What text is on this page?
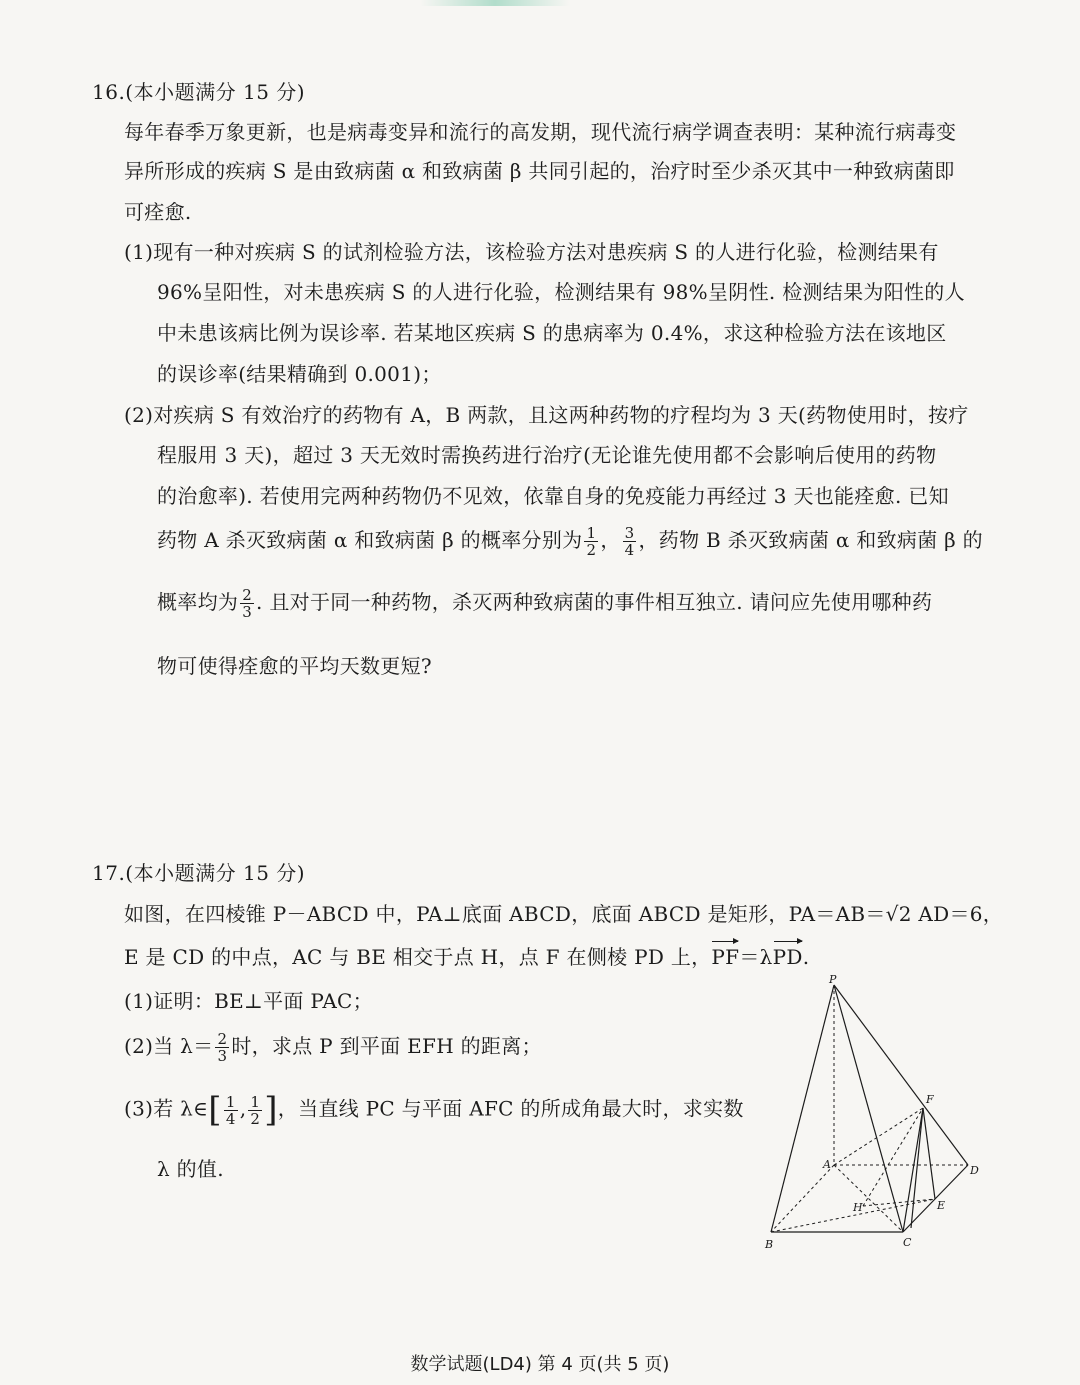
16.(本小题满分 15 分)
每年春季万象更新，也是病毒变异和流行的高发期，现代流行病学调查表明：某种流行病毒变
异所形成的疾病 S 是由致病菌 α 和致病菌 β 共同引起的，治疗时至少杀灭其中一种致病菌即
可痊愈.
(1)现有一种对疾病 S 的试剂检验方法，该检验方法对患疾病 S 的人进行化验，检测结果有
96%呈阳性，对未患疾病 S 的人进行化验，检测结果有 98%呈阴性. 检测结果为阳性的人
中未患该病比例为误诊率. 若某地区疾病 S 的患病率为 0.4%，求这种检验方法在该地区
的误诊率(结果精确到 0.001)；
(2)对疾病 S 有效治疗的药物有 A，B 两款，且这两种药物的疗程均为 3 天(药物使用时，按疗
程服用 3 天)，超过 3 天无效时需换药进行治疗(无论谁先使用都不会影响后使用的药物
的治愈率). 若使用完两种药物仍不见效，依靠自身的免疫能力再经过 3 天也能痊愈. 已知
药物 A 杀灭致病菌 α 和致病菌 β 的概率分别为 $\frac{1}{2}$ ， $\frac{3}{4}$ ，药物 B 杀灭致病菌 α 和致病菌 β 的
概率均为 $\frac{2}{3}$ . 且对于同一种药物，杀灭两种致病菌的事件相互独立. 请问应先使用哪种药
物可使得痊愈的平均天数更短?
17.(本小题满分 15 分)
如图，在四棱锥 P－ABCD 中，PA⊥底面 ABCD，底面 ABCD 是矩形，PA＝AB＝√2 AD＝6，
E 是 CD 的中点，AC 与 BE 相交于点 H，点 F 在侧棱 PD 上，PF＝λPD.
(1)证明：BE⊥平面 PAC；
(2)当 $\lambda= \frac{2}{3}$ 时，求点 P 到平面 EFH 的距离；
(3)若 λ∈[ $\frac{1}{4}$ , $\frac{1}{2}$ ]，当直线 PC 与平面 AFC 的所成角最大时，求实数
λ 的值.
P
A
B	C
D
E
F
H
数学试题(LD4) 第 4 页(共 5 页)
